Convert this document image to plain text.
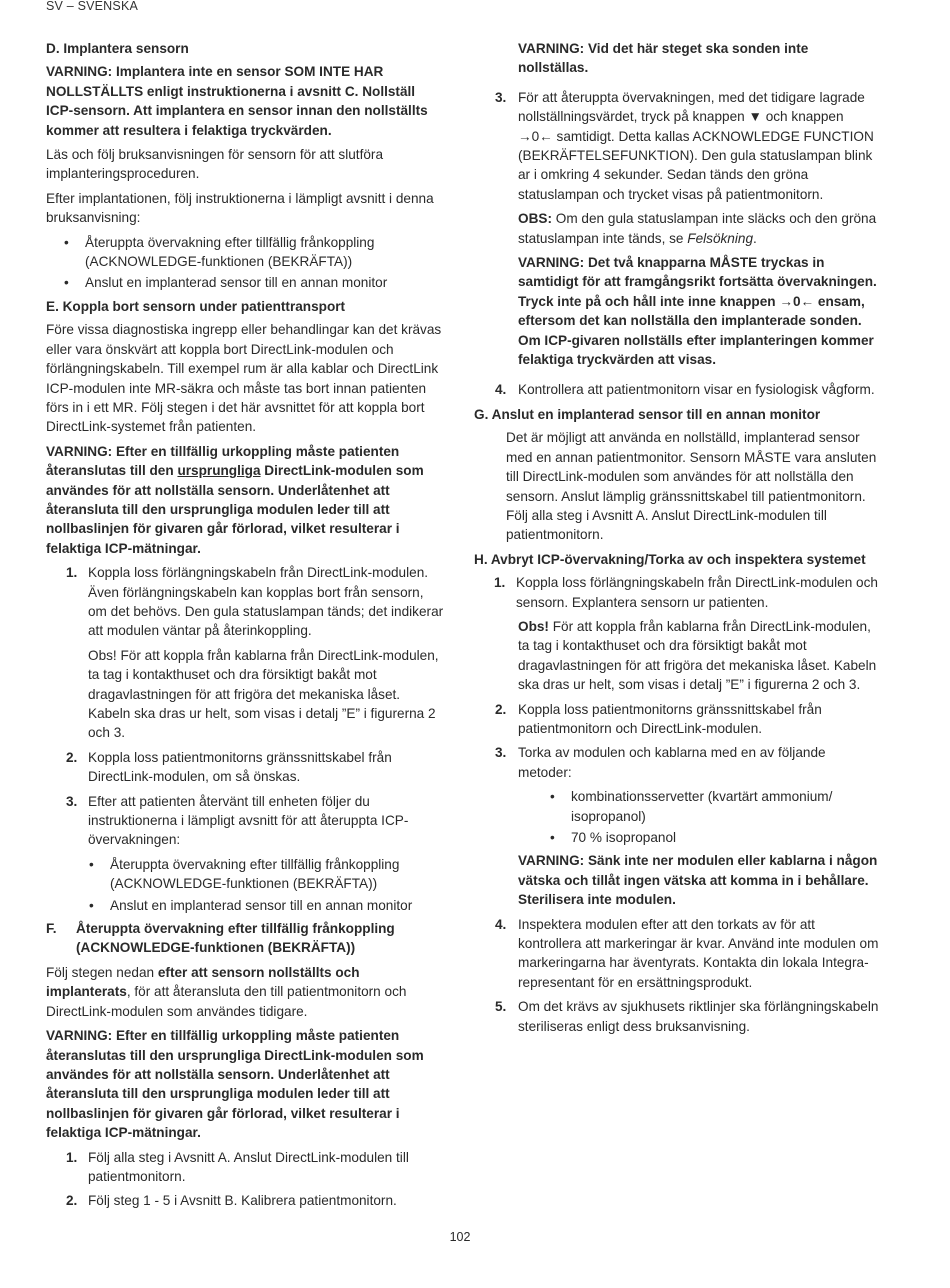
SV – SVENSKA

D. Implantera sensorn

VARNING: Implantera inte en sensor SOM INTE HAR NOLLSTÄLLTS enligt instruktionerna i avsnitt C. Nollställ ICP-sensorn. Att implantera en sensor innan den nollställts kommer att resultera i felaktiga tryckvärden.

Läs och följ bruksanvisningen för sensorn för att slutföra implanteringsproceduren.

Efter implantationen, följ instruktionerna i lämpligt avsnitt i denna bruksanvisning:

• Återuppta övervakning efter tillfällig frånkoppling (ACKNOWLEDGE-funktionen (BEKRÄFTA))
• Anslut en implanterad sensor till en annan monitor

E. Koppla bort sensorn under patienttransport

Före vissa diagnostiska ingrepp eller behandlingar kan det krävas eller vara önskvärt att koppla bort DirectLink-modulen och förlängningskabeln. Till exempel rum är alla kablar och DirectLink ICP-modulen inte MR-säkra och måste tas bort innan patienten förs in i ett MR. Följ stegen i det här avsnittet för att koppla bort DirectLink-systemet från patienten.

VARNING: Efter en tillfällig urkoppling måste patienten återanslutas till den ursprungliga DirectLink-modulen som användes för att nollställa sensorn. Underlåtenhet att återansluta till den ursprungliga modulen leder till att nollbaslinjen för givaren går förlorad, vilket resulterar i felaktiga ICP-mätningar.

1. Koppla loss förlängningskabeln från DirectLink-modulen. Även förlängningskabeln kan kopplas bort från sensorn, om det behövs. Den gula statuslampan tänds; det indikerar att modulen väntar på återinkoppling.

Obs! För att koppla från kablarna från DirectLink-modulen, ta tag i kontakthuset och dra försiktigt bakåt mot dragavlastningen för att frigöra det mekaniska låset. Kabeln ska dras ur helt, som visas i detalj ”E” i figurerna 2 och 3.

2. Koppla loss patientmonitorns gränssnittskabel från DirectLink-modulen, om så önskas.
3. Efter att patienten återvänt till enheten följer du instruktionerna i lämpligt avsnitt för att återuppta ICP-övervakningen:
• Återuppta övervakning efter tillfällig frånkoppling (ACKNOWLEDGE-funktionen (BEKRÄFTA))
• Anslut en implanterad sensor till en annan monitor
F. Återuppta övervakning efter tillfällig frånkoppling (ACKNOWLEDGE-funktionen (BEKRÄFTA))

Följ stegen nedan efter att sensorn nollställts och implanterats, för att återansluta den till patientmonitorn och DirectLink-modulen som användes tidigare.

VARNING: Efter en tillfällig urkoppling måste patienten återanslutas till den ursprungliga DirectLink-modulen som användes för att nollställa sensorn. Underlåtenhet att återansluta till den ursprungliga modulen leder till att nollbaslinjen för givaren går förlorad, vilket resulterar i felaktiga ICP-mätningar.

1. Följ alla steg i Avsnitt A. Anslut DirectLink-modulen till patientmonitorn.
2. Följ steg 1 - 5 i Avsnitt B. Kalibrera patientmonitorn.

VARNING: Vid det här steget ska sonden inte nollställas.

3. För att återuppta övervakningen, med det tidigare lagrade nollställningsvärdet, tryck på knappen ▼ och knappen →0← samtidigt. Detta kallas ACKNOWLEDGE FUNCTION (BEKRÄFTELSEFUNKTION). Den gula statuslampan blink ar i omkring 4 sekunder. Sedan tänds den gröna statuslampan och trycket visas på patientmonitorn.

OBS: Om den gula statuslampan inte släcks och den gröna statuslampan inte tänds, se Felsökning.

VARNING: Det två knapparna MÅSTE tryckas in samtidigt för att framgångsrikt fortsätta övervakningen. Tryck inte på och håll inte inne knappen →0← ensam, eftersom det kan nollställa den implanterade sonden. Om ICP-givaren nollställs efter implanteringen kommer felaktiga tryckvärden att visas.

4. Kontrollera att patientmonitorn visar en fysiologisk vågform.

G. Anslut en implanterad sensor till en annan monitor

Det är möjligt att använda en nollställd, implanterad sensor med en annan patientmonitor. Sensorn MÅSTE vara ansluten till DirectLink-modulen som användes för att nollställa den sensorn. Anslut lämplig gränssnittskabel till patientmonitorn. Följ alla steg i Avsnitt A. Anslut DirectLink-modulen till patientmonitorn.

H. Avbryt ICP-övervakning/Torka av och inspektera systemet

1. Koppla loss förlängningskabeln från DirectLink-modulen och sensorn. Explantera sensorn ur patienten.

Obs! För att koppla från kablarna från DirectLink-modulen, ta tag i kontakthuset och dra försiktigt bakåt mot dragavlastningen för att frigöra det mekaniska låset. Kabeln ska dras ur helt, som visas i detalj ”E” i figurerna 2 och 3.

2. Koppla loss patientmonitorns gränssnittskabel från patientmonitorn och DirectLink-modulen.
3. Torka av modulen och kablarna med en av följande metoder:
• kombinationsservetter (kvartärt ammonium/ isopropanol)
• 70 % isopropanol

VARNING: Sänk inte ner modulen eller kablarna i någon vätska och tillåt ingen vätska att komma in i behållare. Sterilisera inte modulen.

4. Inspektera modulen efter att den torkats av för att kontrollera att markeringar är kvar. Använd inte modulen om markeringarna har äventyrats. Kontakta din lokala Integra-representant för en ersättningsprodukt.
5. Om det krävs av sjukhusets riktlinjer ska förlängningskabeln steriliseras enligt dess bruksanvisning.
102
